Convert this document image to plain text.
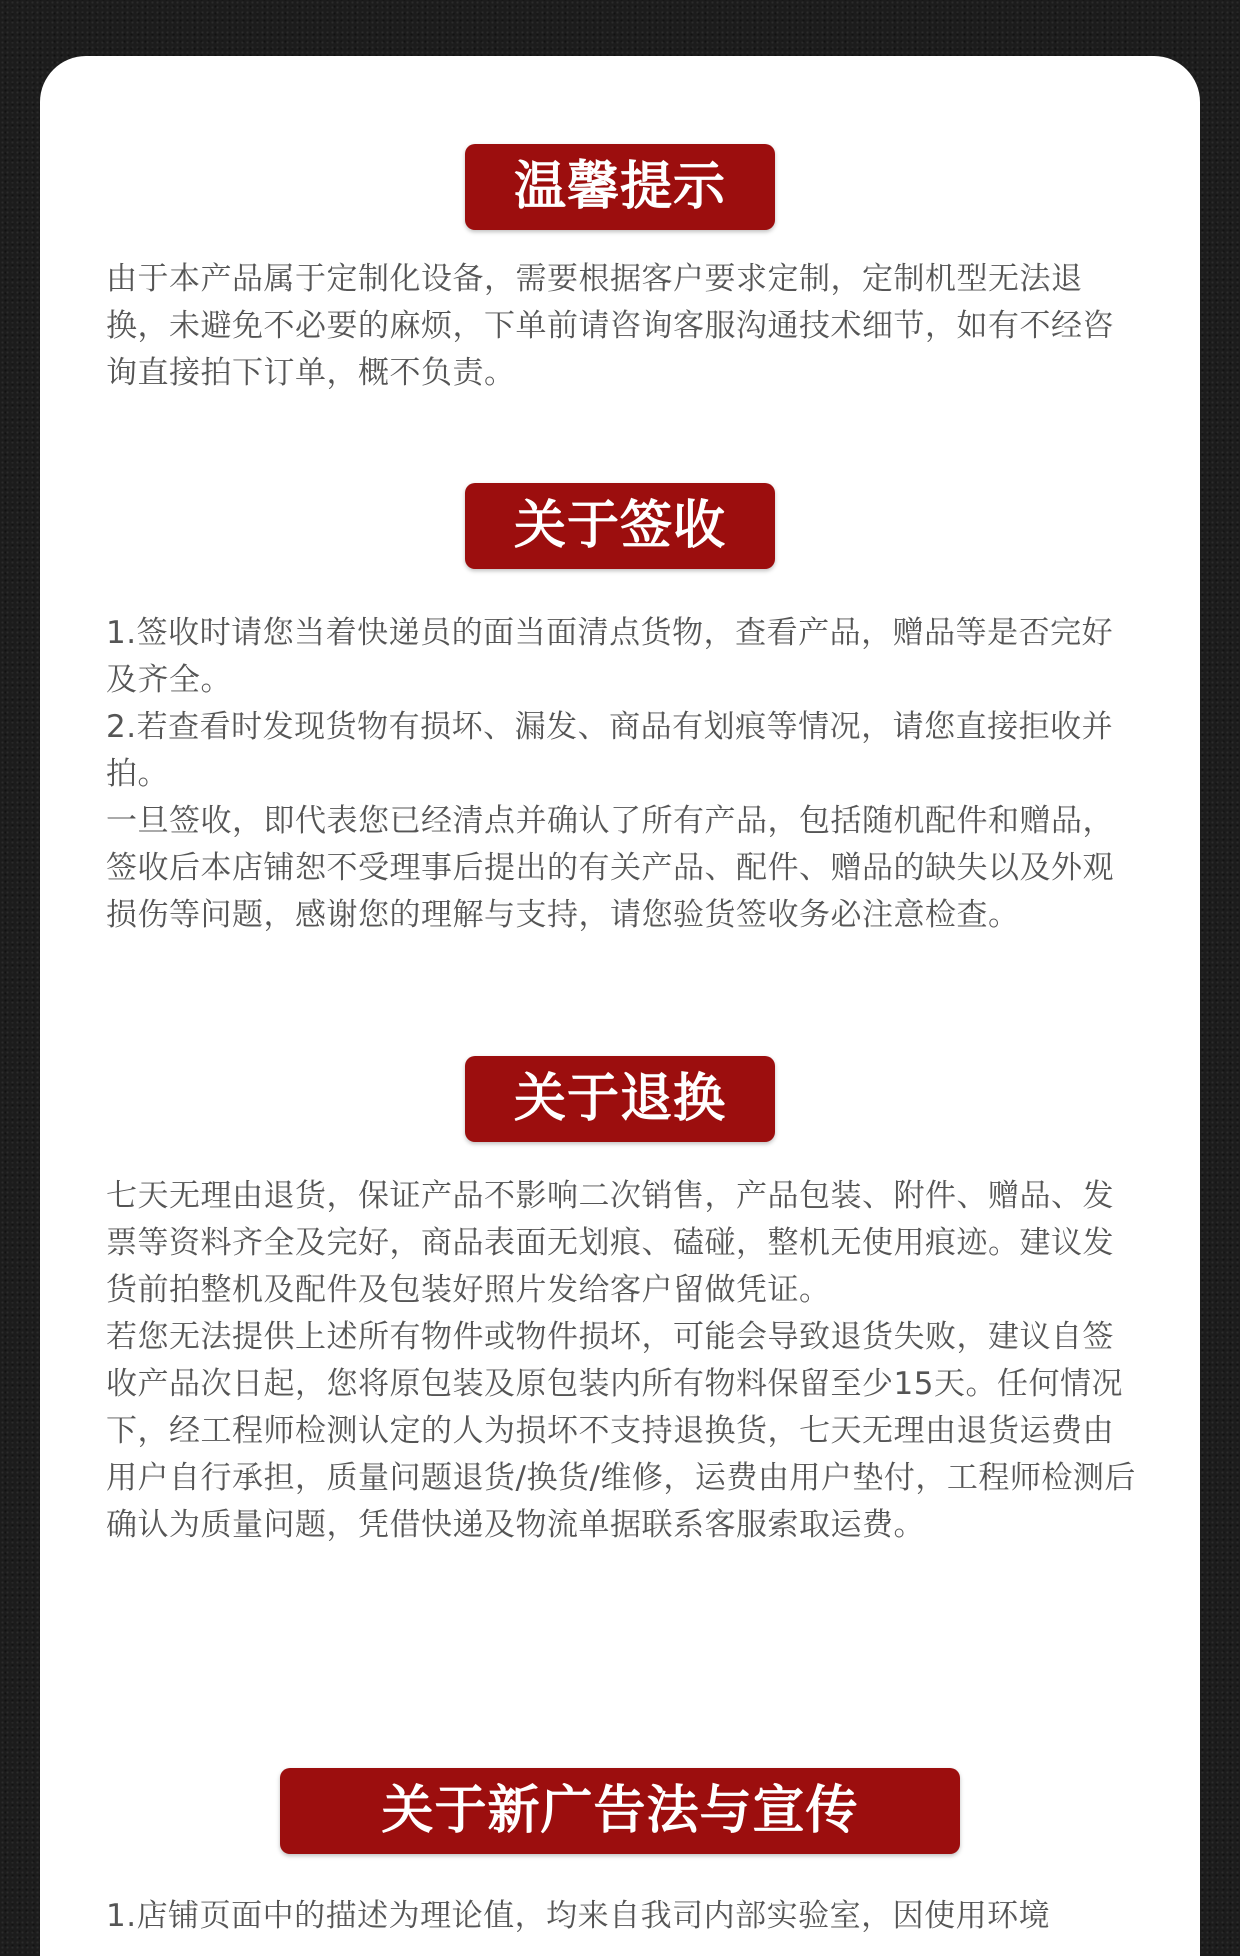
温馨提示

由于本产品属于定制化设备，需要根据客户要求定制，定制机型无法退换，未避免不必要的麻烦，下单前请咨询客服沟通技术细节，如有不经咨询直接拍下订单，概不负责。

关于签收

1.签收时请您当着快递员的面当面清点货物，查看产品，赠品等是否完好及齐全。

2.若查看时发现货物有损坏、漏发、商品有划痕等情况，请您直接拒收并拍。

一旦签收，即代表您已经清点并确认了所有产品，包括随机配件和赠品，签收后本店铺恕不受理事后提出的有关产品、配件、赠品的缺失以及外观损伤等问题，感谢您的理解与支持，请您验货签收务必注意检查。

关于退换

七天无理由退货，保证产品不影响二次销售，产品包装、附件、赠品、发票等资料齐全及完好，商品表面无划痕、磕碰，整机无使用痕迹。建议发货前拍整机及配件及包装好照片发给客户留做凭证。

若您无法提供上述所有物件或物件损坏，可能会导致退货失败，建议自签收产品次日起，您将原包装及原包装内所有物料保留至少15天。任何情况下，经工程师检测认定的人为损坏不支持退换货，七天无理由退货运费由用户自行承担，质量问题退货/换货/维修，运费由用户垫付，工程师检测后确认为质量问题，凭借快递及物流单据联系客服索取运费。

关于新广告法与宣传

1.店铺页面中的描述为理论值，均来自我司内部实验室，因使用环境
